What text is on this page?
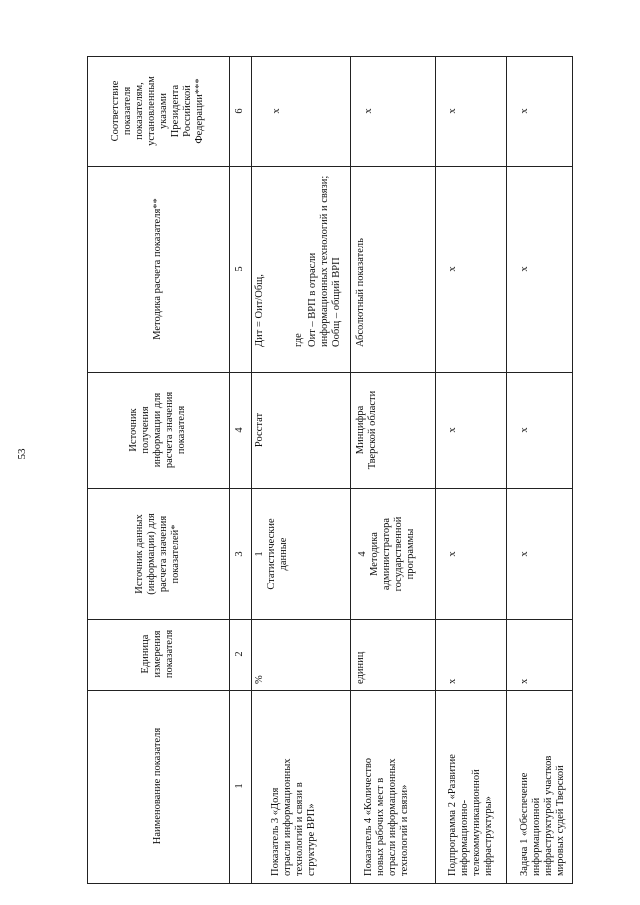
53
Соответствие
показателя
показателям,
установленным
указами
Президента
Российской
Федерации***
Методика расчета показателя**
Источник
получения
информации для
расчета значения
показателя
Источник данных
(информации) для
расчета значения
показателей*
Единица
измерения
показателя
Наименование показателя
6
5
4
3
2
1
x
Дит = Оит/Общ,	где Оит – ВРП в отрасли
информационных технологий и связи;
Ообщ – общий ВРП
Росстат
1
Статистические
данные
%
Показатель 3 «Доля
отрасли информационных
технологий и связи в
структуре ВРП»
x
Абсолютный показатель
Минцифра
Тверской области
4
Методика
администратора
государственной
программы
единиц
Показатель 4 «Количество
новых рабочих мест в
отрасли информационных
технологий и связи»
x
x
x
x
x
Подпрограмма 2 «Развитие
информационно-
телекоммуникационной
инфраструктуры»
x
x
x
x
x
Задача 1 «Обеспечение
информационной
инфраструктурой участков
мировых судей Тверской
